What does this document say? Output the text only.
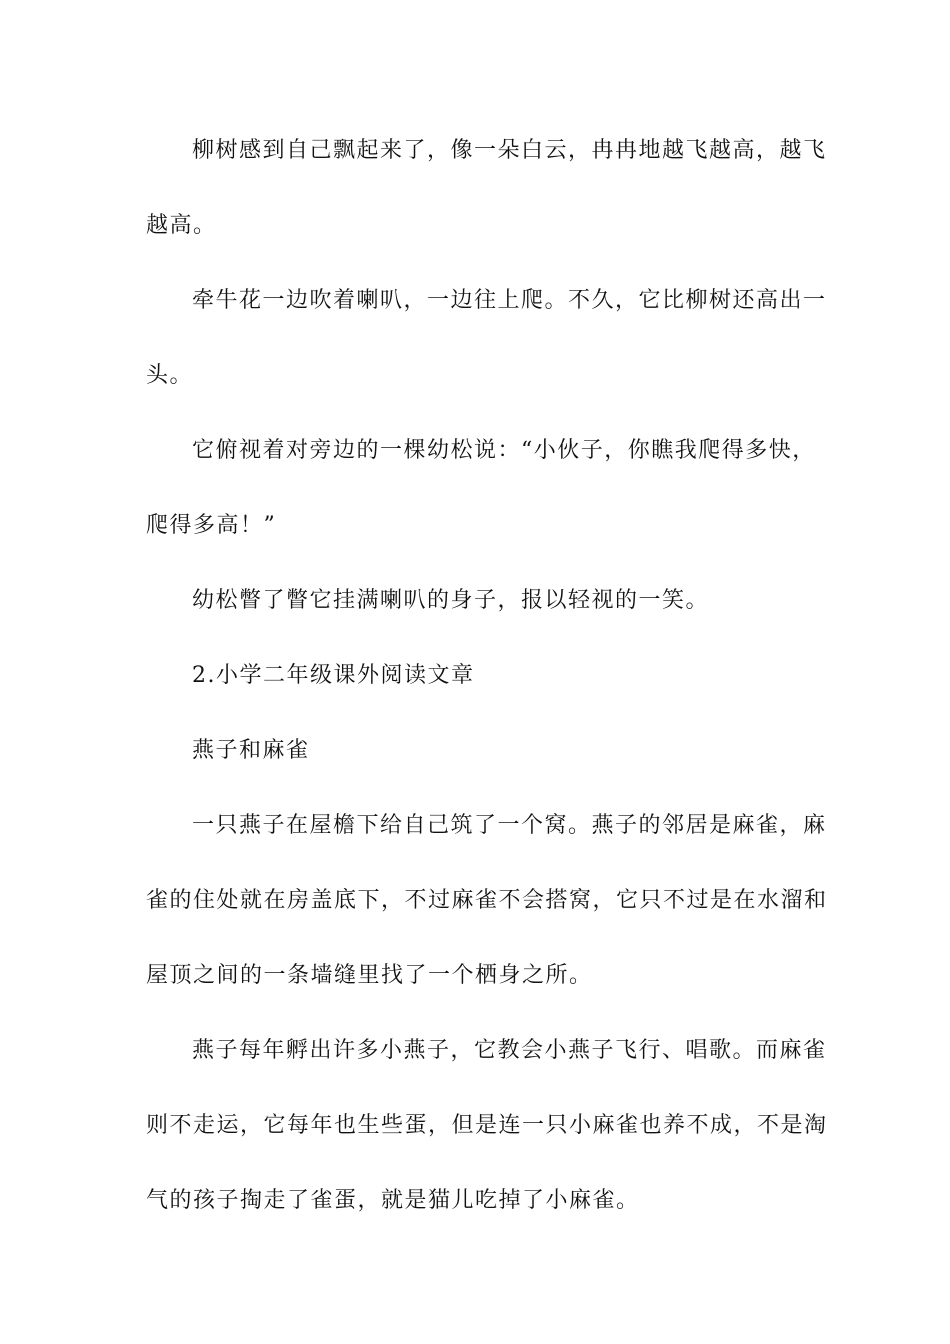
柳树感到自己飘起来了，像一朵白云，冉冉地越飞越高，越飞
越高。
牵牛花一边吹着喇叭，一边往上爬。不久，它比柳树还高出一
头。
它俯视着对旁边的一棵幼松说：“小伙子，你瞧我爬得多快，
爬得多高！”
幼松瞥了瞥它挂满喇叭的身子，报以轻视的一笑。
2.小学二年级课外阅读文章
燕子和麻雀
一只燕子在屋檐下给自己筑了一个窝。燕子的邻居是麻雀，麻
雀的住处就在房盖底下，不过麻雀不会搭窝，它只不过是在水溜和
屋顶之间的一条墙缝里找了一个栖身之所。
燕子每年孵出许多小燕子，它教会小燕子飞行、唱歌。而麻雀
则不走运，它每年也生些蛋，但是连一只小麻雀也养不成，不是淘
气的孩子掏走了雀蛋，就是猫儿吃掉了小麻雀。
